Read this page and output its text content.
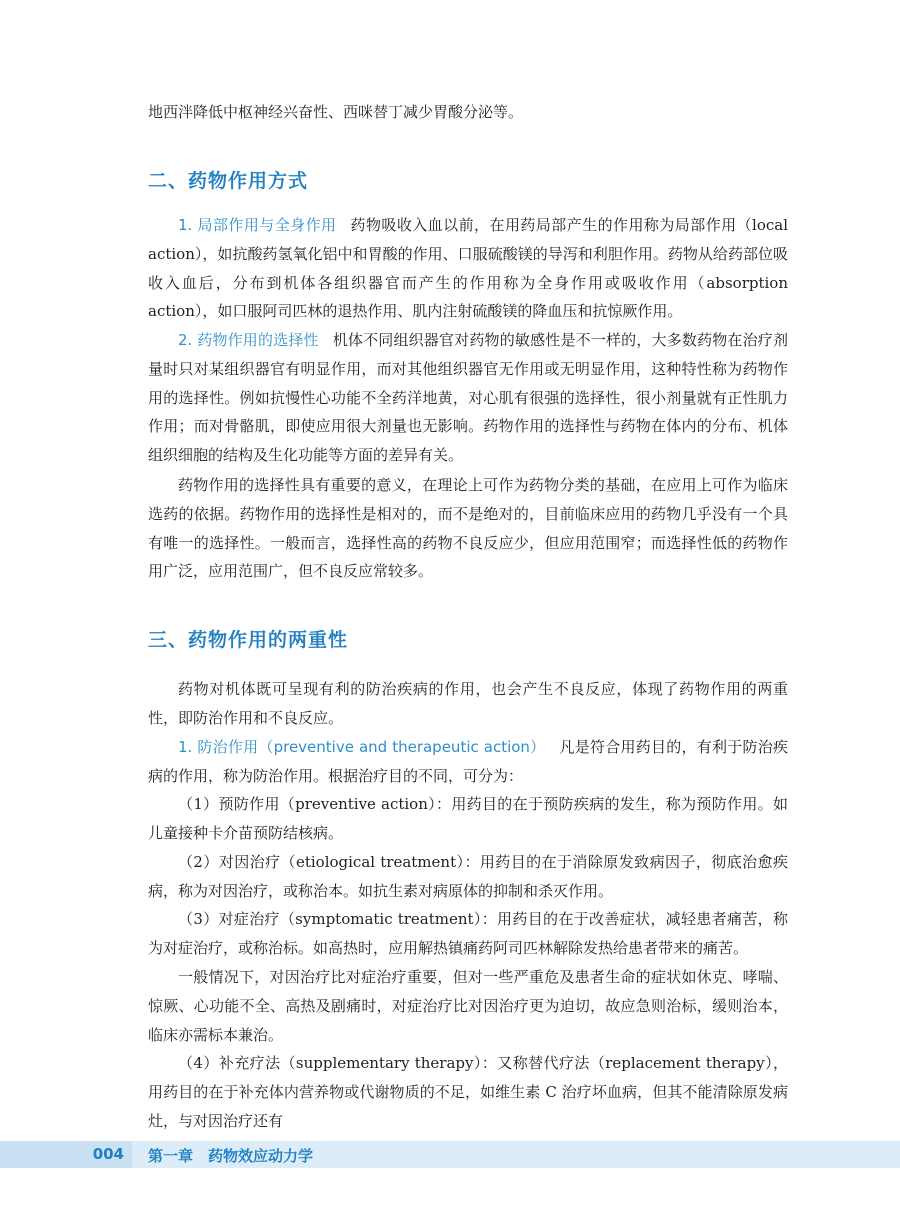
地西泮降低中枢神经兴奋性、西咪替丁减少胃酸分泌等。

二、药物作用方式

1. 局部作用与全身作用 药物吸收入血以前，在用药局部产生的作用称为局部作用（local action），如抗酸药氢氧化铝中和胃酸的作用、口服硫酸镁的导泻和利胆作用。药物从给药部位吸收入血后，分布到机体各组织器官而产生的作用称为全身作用或吸收作用（absorption action），如口服阿司匹林的退热作用、肌内注射硫酸镁的降血压和抗惊厥作用。

2. 药物作用的选择性 机体不同组织器官对药物的敏感性是不一样的，大多数药物在治疗剂量时只对某组织器官有明显作用，而对其他组织器官无作用或无明显作用，这种特性称为药物作用的选择性。例如抗慢性心功能不全药洋地黄，对心肌有很强的选择性，很小剂量就有正性肌力作用；而对骨骼肌，即使应用很大剂量也无影响。药物作用的选择性与药物在体内的分布、机体组织细胞的结构及生化功能等方面的差异有关。

药物作用的选择性具有重要的意义，在理论上可作为药物分类的基础，在应用上可作为临床选药的依据。药物作用的选择性是相对的，而不是绝对的，目前临床应用的药物几乎没有一个具有唯一的选择性。一般而言，选择性高的药物不良反应少，但应用范围窄；而选择性低的药物作用广泛，应用范围广，但不良反应常较多。

三、药物作用的两重性

药物对机体既可呈现有利的防治疾病的作用，也会产生不良反应，体现了药物作用的两重性，即防治作用和不良反应。

1. 防治作用（preventive and therapeutic action） 凡是符合用药目的，有利于防治疾病的作用，称为防治作用。根据治疗目的不同，可分为：

（1）预防作用（preventive action）：用药目的在于预防疾病的发生，称为预防作用。如儿童接种卡介苗预防结核病。

（2）对因治疗（etiological treatment）：用药目的在于消除原发致病因子，彻底治愈疾病，称为对因治疗，或称治本。如抗生素对病原体的抑制和杀灭作用。

（3）对症治疗（symptomatic treatment）：用药目的在于改善症状，减轻患者痛苦，称为对症治疗，或称治标。如高热时，应用解热镇痛药阿司匹林解除发热给患者带来的痛苦。

一般情况下，对因治疗比对症治疗重要，但对一些严重危及患者生命的症状如休克、哮喘、惊厥、心功能不全、高热及剧痛时，对症治疗比对因治疗更为迫切，故应急则治标，缓则治本，临床亦需标本兼治。

（4）补充疗法（supplementary therapy）：又称替代疗法（replacement therapy），用药目的在于补充体内营养物或代谢物质的不足，如维生素 C 治疗坏血病，但其不能清除原发病灶，与对因治疗还有

004 第一章　药物效应动力学
